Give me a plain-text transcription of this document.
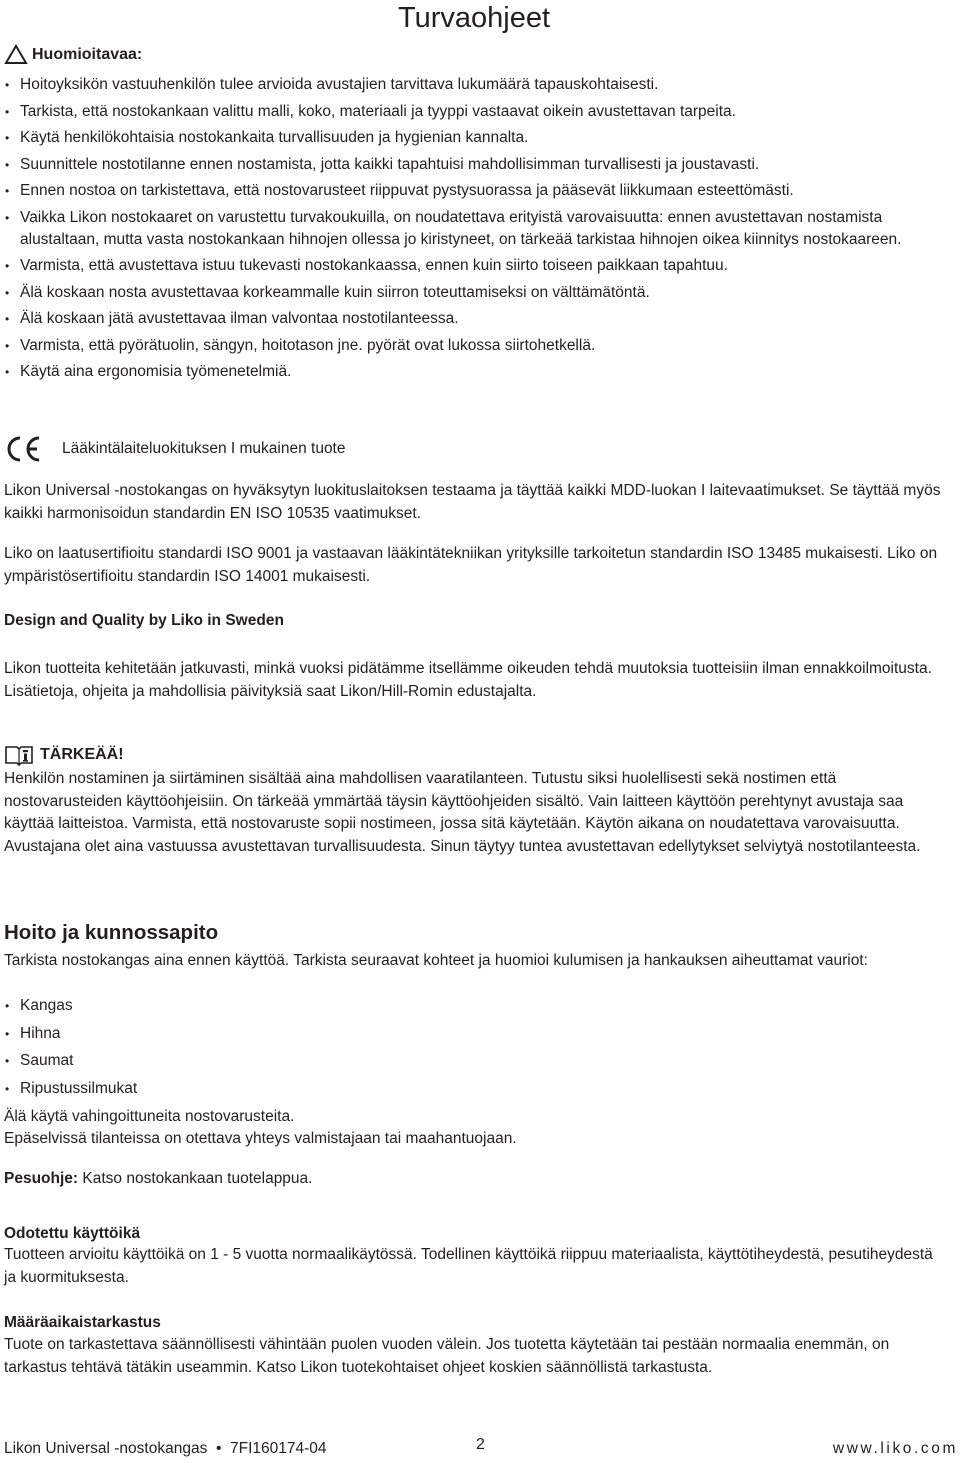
Turvaohjeet
Huomioitavaa:
• Hoitoyksikön vastuuhenkilön tulee arvioida avustajien tarvittava lukumäärä tapauskohtaisesti.
• Tarkista, että nostokankaan valittu malli, koko, materiaali ja tyyppi vastaavat oikein avustettavan tarpeita.
• Käytä henkilökohtaisia nostokankaita turvallisuuden ja hygienian kannalta.
• Suunnittele nostotilanne ennen nostamista, jotta kaikki tapahtuisi mahdollisimman turvallisesti ja joustavasti.
• Ennen nostoa on tarkistettava, että nostovarusteet riippuvat pystysuorassa ja pääsevät liikkumaan esteettömästi.
• Vaikka Likon nostokaaret on varustettu turvakoukuilla, on noudatettava erityistä varovaisuutta: ennen avustettavan nostamista alustaltaan, mutta vasta nostokankaan hihnojen ollessa jo kiristyneet, on tärkeää tarkistaa hihnojen oikea kiinnitys nostokaareen.
• Varmista, että avustettava istuu tukevasti nostokankaassa, ennen kuin siirto toiseen paikkaan tapahtuu.
• Älä koskaan nosta avustettavaa korkeammalle kuin siirron toteuttamiseksi on välttämätöntä.
• Älä koskaan jätä avustettavaa ilman valvontaa nostotilanteessa.
• Varmista, että pyörätuolin, sängyn, hoitotason jne. pyörät ovat lukossa siirtohetkellä.
• Käytä aina ergonomisia työmenetelmiä.
Lääkintälaiteluokituksen I mukainen tuote

Likon Universal -nostokangas on hyväksytyn luokituslaitoksen testaama ja täyttää kaikki MDD-luokan I laitevaatimukset. Se täyttää myös kaikki harmonisoidun standardin EN ISO 10535 vaatimukset.

Liko on laatusertifioitu standardi ISO 9001 ja vastaavan lääkintätekniikan yrityksille tarkoitetun standardin ISO 13485 mukaisesti. Liko on ympäristösertifioitu standardin ISO 14001 mukaisesti.

Design and Quality by Liko in Sweden

Likon tuotteita kehitetään jatkuvasti, minkä vuoksi pidätämme itsellämme oikeuden tehdä muutoksia tuotteisiin ilman ennakkoilmoitusta. Lisätietoja, ohjeita ja mahdollisia päivityksiä saat Likon/Hill-Romin edustajalta.

TÄRKEÄÄ!

Henkilön nostaminen ja siirtäminen sisältää aina mahdollisen vaaratilanteen. Tutustu siksi huolellisesti sekä nostimen että nostovarusteiden käyttöohjeisiin. On tärkeää ymmärtää täysin käyttöohjeiden sisältö. Vain laitteen käyttöön perehtynyt avustaja saa käyttää laitteistoa. Varmista, että nostovaruste sopii nostimeen, jossa sitä käytetään. Käytön aikana on noudatettava varovaisuutta. Avustajana olet aina vastuussa avustettavan turvallisuudesta. Sinun täytyy tuntea avustettavan edellytykset selviytyä nostotilanteesta.

Hoito ja kunnossapito

Tarkista nostokangas aina ennen käyttöä. Tarkista seuraavat kohteet ja huomioi kulumisen ja hankauksen aiheuttamat vauriot:

• Kangas
• Hihna
• Saumat
• Ripustussilmukat

Älä käytä vahingoittuneita nostovarusteita.

Epäselvissä tilanteissa on otettava yhteys valmistajaan tai maahantuojaan.

Pesuohje: Katso nostokankaan tuotelappua.

Odotettu käyttöikä

Tuotteen arvioitu käyttöikä on 1 - 5 vuotta normaalikäytössä. Todellinen käyttöikä riippuu materiaalista, käyttötiheydestä, pesutiheydestä ja kuormituksesta.

Määräaikaistarkastus

Tuote on tarkastettava säännöllisesti vähintään puolen vuoden välein. Jos tuotetta käytetään tai pestään normaalia enemmän, on tarkastus tehtävä tätäkin useammin. Katso Likon tuotekohtaiset ohjeet koskien säännöllistä tarkastusta.

Likon Universal -nostokangas  •  7FI160174-04	2	www.liko.com
